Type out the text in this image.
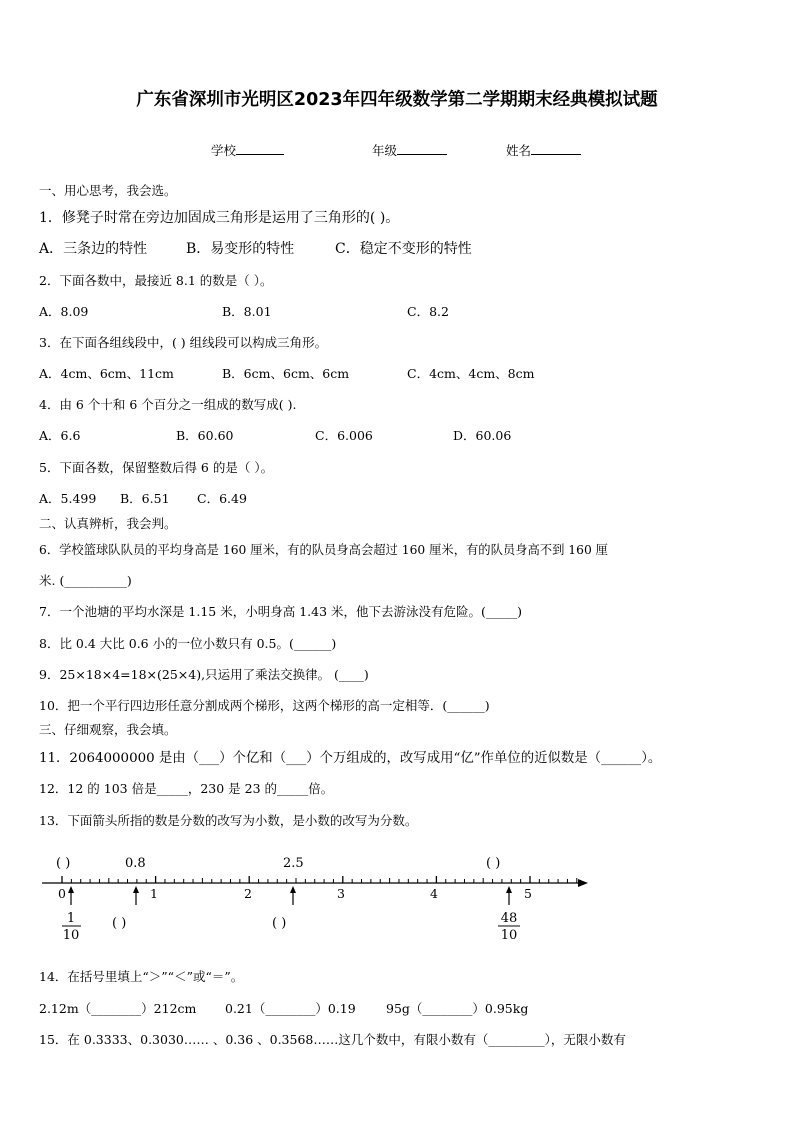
广东省深圳市光明区2023年四年级数学第二学期期末经典模拟试题
学校	年级	姓名
一、用心思考，我会选。
1．修凳子时常在旁边加固成三角形是运用了三角形的( )。
A．三条边的特性	B．易变形的特性	C．稳定不变形的特性
2．下面各数中，最接近 8.1 的数是（ ）。
A．8.09	B．8.01	C．8.2
3．在下面各组线段中，( ) 组线段可以构成三角形。
A．4cm、6cm、11cm	B．6cm、6cm、6cm	C．4cm、4cm、8cm
4．由 6 个十和 6 个百分之一组成的数写成( ).
A．6.6	B．60.60	C．6.006	D．60.06
5．下面各数，保留整数后得 6 的是（ ）。
A．5.499 B．6.51 C．6.49
二、认真辨析，我会判。
6．学校篮球队队员的平均身高是 160 厘米，有的队员身高会超过 160 厘米，有的队员身高不到 160 厘
米. (__________)
7．一个池塘的平均水深是 1.15 米，小明身高 1.43 米，他下去游泳没有危险。(_____)
8．比 0.4 大比 0.6 小的一位小数只有 0.5。(______)
9．25×18×4=18×(25×4),只运用了乘法交换律。 (____)
10．把一个平行四边形任意分割成两个梯形，这两个梯形的高一定相等．(______)
三、仔细观察，我会填。
11．2064000000 是由（___）个亿和（___）个万组成的，改写成用“亿”作单位的近似数是（______）。
12．12 的 103 倍是_____，230 是 23 的_____倍。
13．下面箭头所指的数是分数的改写为小数，是小数的改写为分数。
( )	0.8	2.5	( )
0	1	2	3	4	5
1
10
( )	( )	48
10
14．在括号里填上“＞”“＜”或“＝”。
2.12m（________）212cm 0.21（________）0.19 95g（________）0.95kg
15．在 0.3333、0.3030…… 、0.36 、0.3568……这几个数中，有限小数有（_________），无限小数有
